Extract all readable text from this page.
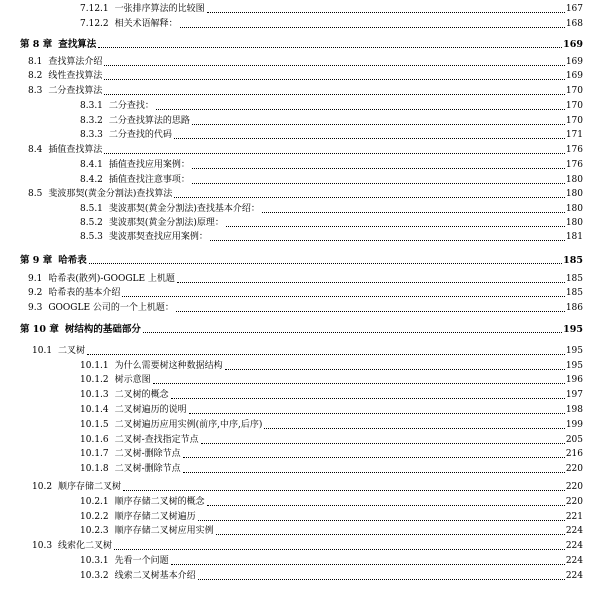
7.12.1 一张排序算法的比较图	167
7.12.2 相关术语解释：	168
第 8 章 查找算法	169
8.1 查找算法介绍	169
8.2 线性查找算法	169
8.3 二分查找算法	170
8.3.1 二分查找：	170
8.3.2 二分查找算法的思路	170
8.3.3 二分查找的代码	171
8.4 插值查找算法	176
8.4.1 插值查找应用案例：	176
8.4.2 插值查找注意事项：	180
8.5 斐波那契(黄金分割法)查找算法	180
8.5.1 斐波那契(黄金分割法)查找基本介绍：	180
8.5.2 斐波那契(黄金分割法)原理：	180
8.5.3 斐波那契查找应用案例：	181
第 9 章 哈希表	185
9.1 哈希表(散列)-GOOGLE 上机题	185
9.2 哈希表的基本介绍	185
9.3 GOOGLE 公司的一个上机题：	186
第 10 章 树结构的基础部分	195
10.1 二叉树	195
10.1.1 为什么需要树这种数据结构	195
10.1.2 树示意图	196
10.1.3 二叉树的概念	197
10.1.4 二叉树遍历的说明	198
10.1.5 二叉树遍历应用实例(前序,中序,后序)	199
10.1.6 二叉树-查找指定节点	205
10.1.7 二叉树-删除节点	216
10.1.8 二叉树-删除节点	220
10.2 顺序存储二叉树	220
10.2.1 顺序存储二叉树的概念	220
10.2.2 顺序存储二叉树遍历	221
10.2.3 顺序存储二叉树应用实例	224
10.3 线索化二叉树	224
10.3.1 先看一个问题	224
10.3.2 线索二叉树基本介绍	224
